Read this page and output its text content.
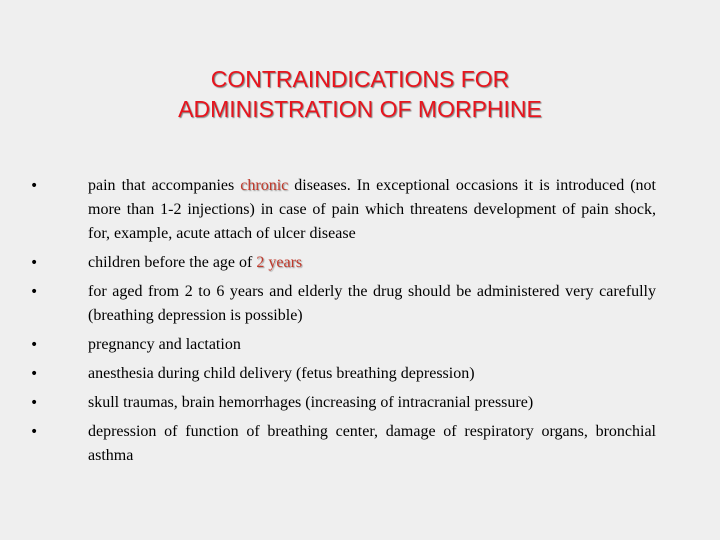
CONTRAINDICATIONS FOR
ADMINISTRATION OF MORPHINE
•	pain that accompanies chronic diseases. In exceptional occasions it is introduced (not more than 1-2 injections) in case of pain which threatens development of pain shock, for, example, acute attach of ulcer disease
•	children before the age of 2 years
•	for aged from 2 to 6 years and elderly the drug should be administered very carefully (breathing depression is possible)
•	pregnancy and lactation
•	anesthesia during child delivery (fetus breathing depression)
•	skull traumas, brain hemorrhages (increasing of intracranial pressure)
•	depression of function of breathing center, damage of respiratory organs, bronchial asthma
